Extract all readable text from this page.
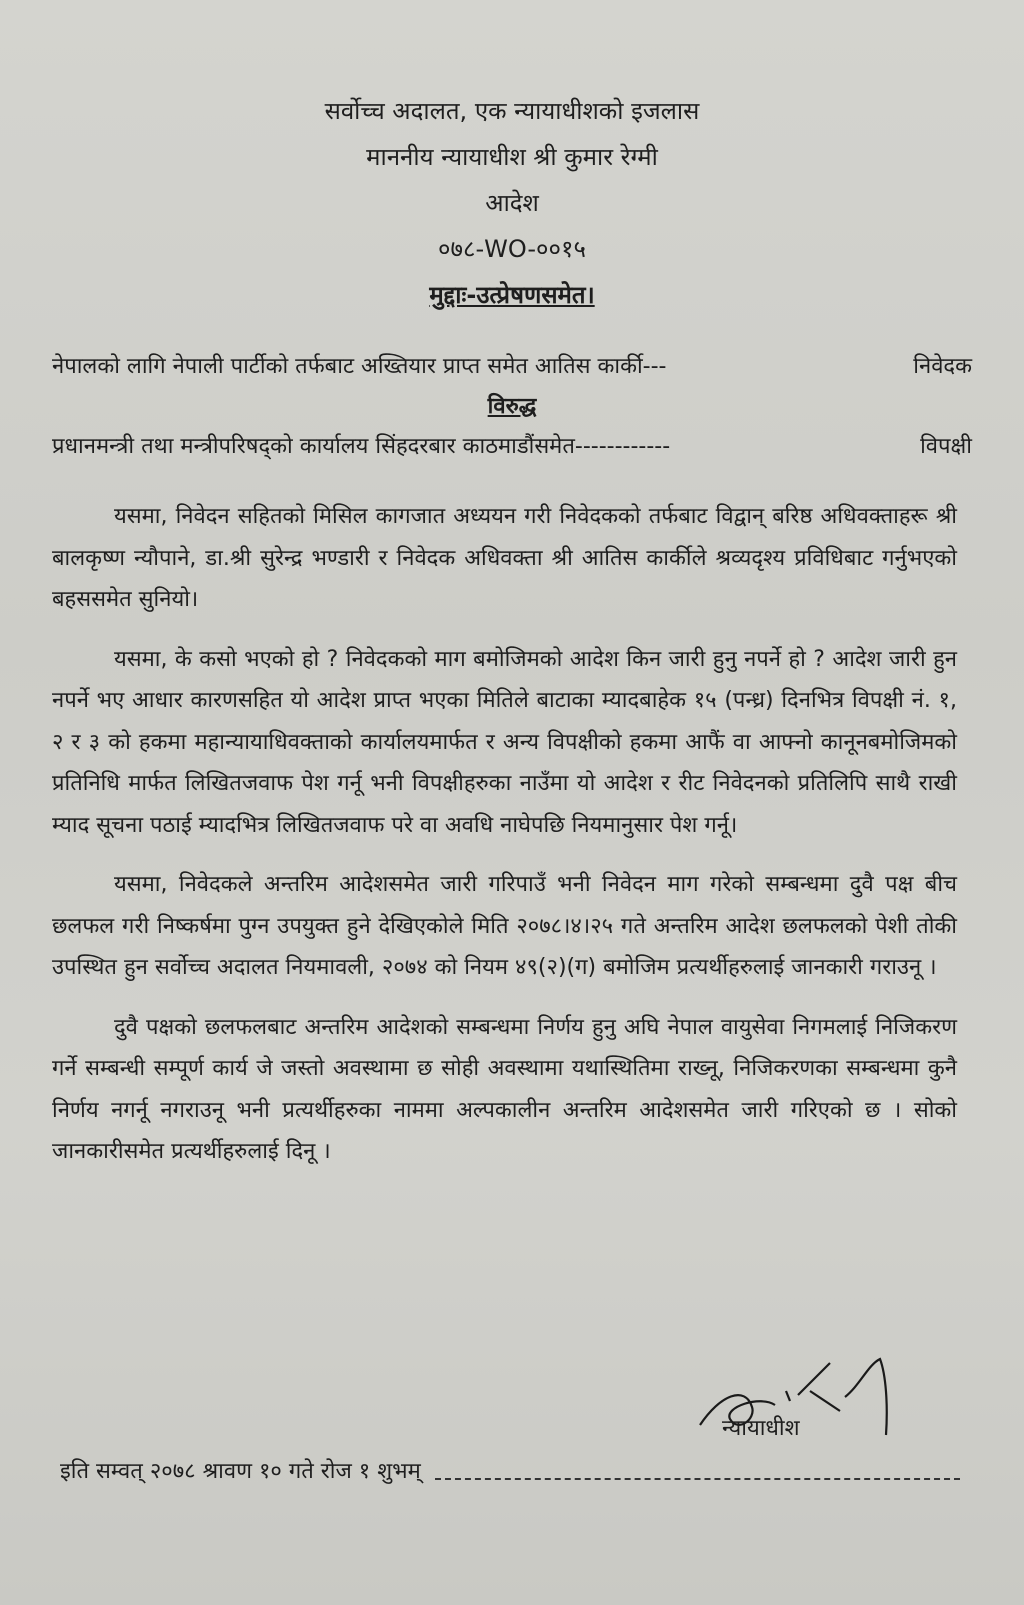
सर्वोच्च अदालत, एक न्यायाधीशको इजलास

माननीय न्यायाधीश श्री कुमार रेग्मी

आदेश

०७८-WO-००१५

मुद्दाः-उत्प्रेषणसमेत।

नेपालको लागि नेपाली पार्टीको तर्फबाट अख्तियार प्राप्त समेत आतिस कार्की---	निवेदक
विरुद्ध
प्रधानमन्त्री तथा मन्त्रीपरिषद्को कार्यालय सिंहदरबार काठमाडौंसमेत------------	विपक्षी

यसमा, निवेदन सहितको मिसिल कागजात अध्ययन गरी निवेदकको तर्फबाट विद्वान् बरिष्ठ अधिवक्ताहरू श्री बालकृष्ण न्यौपाने, डा.श्री सुरेन्द्र भण्डारी र निवेदक अधिवक्ता श्री आतिस कार्कीले श्रव्यदृश्य प्रविधिबाट गर्नुभएको बहससमेत सुनियो।

यसमा, के कसो भएको हो ? निवेदकको माग बमोजिमको आदेश किन जारी हुनु नपर्ने हो ? आदेश जारी हुन नपर्ने भए आधार कारणसहित यो आदेश प्राप्त भएका मितिले बाटाका म्यादबाहेक १५ (पन्ध्र) दिनभित्र विपक्षी नं. १, २ र ३ को हकमा महान्यायाधिवक्ताको कार्यालयमार्फत र अन्य विपक्षीको हकमा आफैं वा आफ्नो कानूनबमोजिमको प्रतिनिधि मार्फत लिखितजवाफ पेश गर्नू भनी विपक्षीहरुका नाउँमा यो आदेश र रीट निवेदनको प्रतिलिपि साथै राखी म्याद सूचना पठाई म्यादभित्र लिखितजवाफ परे वा अवधि नाघेपछि नियमानुसार पेश गर्नू।

यसमा, निवेदकले अन्तरिम आदेशसमेत जारी गरिपाउँ भनी निवेदन माग गरेको सम्बन्धमा दुवै पक्ष बीच छलफल गरी निष्कर्षमा पुग्न उपयुक्त हुने देखिएकोले मिति २०७८।४।२५ गते अन्तरिम आदेश छलफलको पेशी तोकी उपस्थित हुन सर्वोच्च अदालत नियमावली, २०७४ को नियम ४९(२)(ग) बमोजिम प्रत्यर्थीहरुलाई जानकारी गराउनू ।

दुवै पक्षको छलफलबाट अन्तरिम आदेशको सम्बन्धमा निर्णय हुनु अघि नेपाल वायुसेवा निगमलाई निजिकरण गर्ने सम्बन्धी सम्पूर्ण कार्य जे जस्तो अवस्थामा छ सोही अवस्थामा यथास्थितिमा राख्नू, निजिकरणका सम्बन्धमा कुनै निर्णय नगर्नू नगराउनू भनी प्रत्यर्थीहरुका नाममा अल्पकालीन अन्तरिम आदेशसमेत जारी गरिएको छ । सोको जानकारीसमेत प्रत्यर्थीहरुलाई दिनू ।

न्यायाधीश
इति सम्वत् २०७८ श्रावण १० गते रोज १ शुभम्
